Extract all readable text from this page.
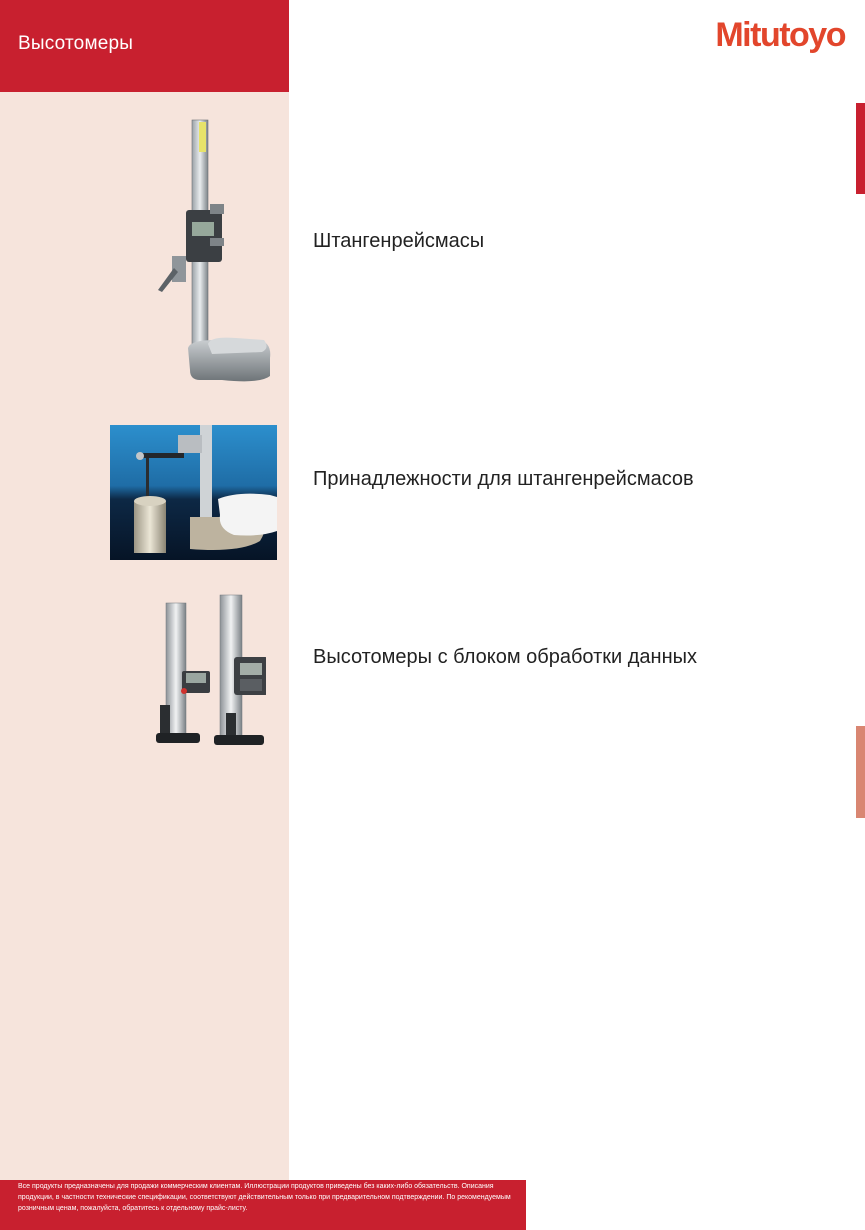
Высотомеры	Mitutoyo
Штангенрейсмасы
Принадлежности для штангенрейсмасов
Высотомеры с блоком обработки данных
Все продукты предназначены для продажи коммерческим клиентам. Иллюстрации продуктов приведены без каких-либо обязательств. Описания продукции, в частности технические спецификации, соответствуют действительным только при предварительном подтверждении. По рекомендуемым розничным ценам, пожалуйста, обратитесь к отдельному прайс-листу.
